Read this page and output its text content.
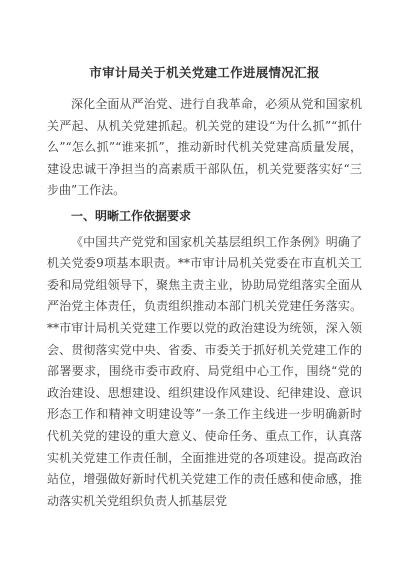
市审计局关于机关党建工作进展情况汇报

深化全面从严治党、进行自我革命，必须从党和国家机关严起、从机关党建抓起。机关党的建设“为什么抓”“抓什么”“怎么抓”“谁来抓”，推动新时代机关党建高质量发展，建设忠诚干净担当的高素质干部队伍，机关党要落实好“三步曲”工作法。

一、明晰工作依据要求

《中国共产党党和国家机关基层组织工作条例》明确了机关党委9项基本职责。**市审计局机关党委在市直机关工委和局党组领导下，聚焦主责主业，协助局党组落实全面从严治党主体责任，负责组织推动本部门机关党建任务落实。**市审计局机关党建工作要以党的政治建设为统领，深入领会、贯彻落实党中央、省委、市委关于抓好机关党建工作的部署要求，围绕市委市政府、局党组中心工作，围绕“党的政治建设、思想建设、组织建设作风建设、纪律建设、意识形态工作和精神文明建设等”一条工作主线进一步明确新时代机关党的建设的重大意义、使命任务、重点工作，认真落实机关党建工作责任制，全面推进党的各项建设。提高政治站位，增强做好新时代机关党建工作的责任感和使命感，推动落实机关党组织负责人抓基层党
